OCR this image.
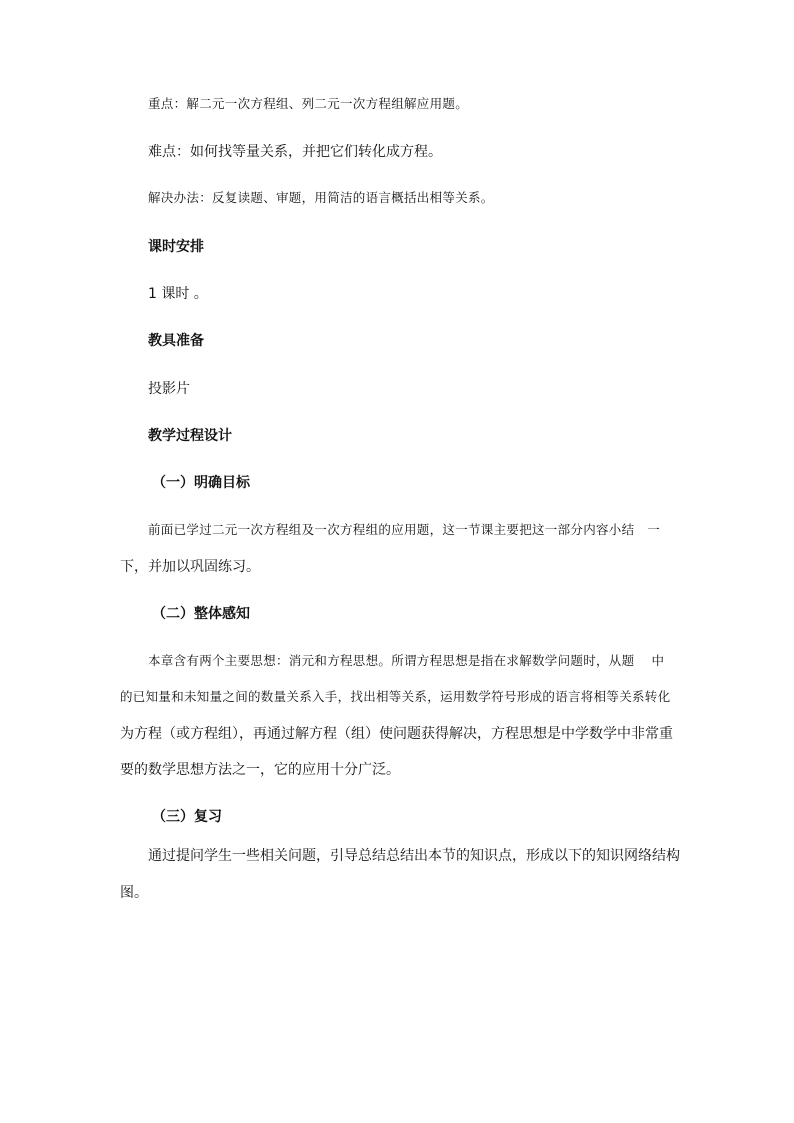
重点：解二元一次方程组、列二元一次方程组解应用题。
难点：如何找等量关系，并把它们转化成方程。
解决办法：反复读题、审题，用简洁的语言概括出相等关系。
课时安排
1 课时 。
教具准备
投影片
教学过程设计
（一）明确目标
前面已学过二元一次方程组及一次方程组的应用题，这一节课主要把这一部分内容小结　一
下，并加以巩固练习。
（二）整体感知
本章含有两个主要思想：消元和方程思想。所谓方程思想是指在求解数学问题时，从题　 中
的已知量和未知量之间的数量关系入手，找出相等关系，运用数学符号形成的语言将相等关系转化
为方程（或方程组），再通过解方程（组）使问题获得解决，方程思想是中学数学中非常重
要的数学思想方法之一，它的应用十分广泛。
（三）复习
通过提问学生一些相关问题，引导总结总结出本节的知识点，形成以下的知识网络结构
图。
